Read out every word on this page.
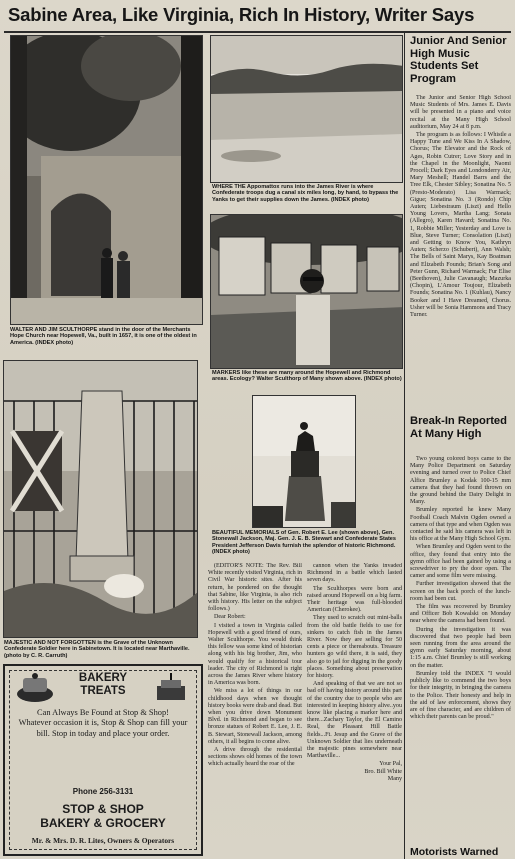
Sabine Area, Like Virginia, Rich In History, Writer Says
WALTER AND JIM SCULTHORPE stand in the door of the Merchants Hope Church near Hopewell, Va., built in 1657, it is one of the oldest in America. (INDEX photo)
WHERE THE Appomattox runs into the James River is where Confederate troops dug a canal six miles long, by hand, to bypass the Yanks to get their supplies down the James. (INDEX photo)
MARKERS like these are many around the Hopewell and Richmond areas. Ecology? Walter Sculthorp of Many shown above. (INDEX photo)
MAJESTIC AND NOT FORGOTTEN is the Grave of the Unknown Confederate Soldier here in Sabinetown. It is located near Marthaville. (photo by C. R. Carruth)
BEAUTIFUL MEMORIALS of Gen. Robert E. Lee (shown above), Gen. Stonewall Jackson, Maj. Gen. J. E. B. Stewart and Confederate States President Jefferson Davis furnish the splendor of historic Richmond. (INDEX photo)

(EDITOR'S NOTE: The Rev. Bill White recently visited Virginia, rich in Civil War historic sites. After his return, he pondered on the thought that Sabine, like Virginia, is also rich with history. His letter on the subject follows.)

Dear Robert:

I visited a town in Virginia called Hopewell with a good friend of ours, Walter Sculthorpe. You would think this fellow was some kind of historian along with his big brother, Jim, who would qualify for a historical tour leader. The city of Richmond is right across the James River where history in America was born.

We miss a lot of things in our childhood days when we thought history books were drab and dead. But when you drive down Monument Blvd. in Richmond and began to see bronze statues of Robert E. Lee, J. E. B. Stewart, Stonewall Jackson, among others, it all begins to come alive.

A drive through the residential sections shows old homes of the town which actually heard the roar of the

cannon when the Yanks invaded Richmond in a battle which lasted seven days.

The Sculthorpes were born and raised around Hopewell on a big farm. Their heritage was full-blooded American (Cherokee).

They used to scratch out mini-balls from the old battle fields to use for sinkers to catch fish in the James River. Now they are selling for 50 cents a piece or thereabouts. Treasure hunters go wild there, it is said, they also go to jail for digging in the goody places. Something about preservation for history.

And speaking of that we are not so bad off having history around this part of the country due to people who are interested in keeping history alive..you know like placing a marker here and there...Zachary Taylor, the El Camino Real, the Pleasant Hill Battle fields...Ft. Jesup and the Grave of the Unknown Soldier that lies underneath the majestic pines somewhere near Marthaville...

Your Pal,
Bro. Bill White
Many

Junior And Senior High Music Students Set Program

The Junior and Senior High School Music Students of Mrs. James E. Davis will be presented in a piano and voice recital at the Many High School auditorium, May 24 at 8 p.m.

The program is as follows: I Whistle a Happy Tune and We Kiss In A Shadow, Chorus; The Elevator and the Rock of Ages, Robin Cutrer; Love Story and in the Chapel in the Moonlight, Naomi Procell; Dark Eyes and Londonderry Air, Mary Meshell; Handel Barrs and the Tree Elk, Chester Sibley; Sonatina No. 5 (Presto-Moderato) Lisa Warmack; Gigue; Sonatina No. 3 (Rondo) Chip Auten; Liebestraum (Liszt) and Hello Young Lovers, Martha Lang; Sonata (Allegro), Karen Havard; Sonatina No. 1, Robbie Miller; Yesterday and Love is Blue, Steve Turner; Consolation (Liszt) and Getting to Know You, Kathryn Auten; Scherzo (Schubert), Ann Walsh; The Bells of Saint Marys, Kay Boatman and Elizabeth Founds; Brian's Song and Peter Gunn, Richard Warmack; Fur Elise (Beethoven), Julie Cavanaugh; Mazurka (Chopin), L'Amour Toujour, Elizabeth Founds; Sonatina No. 1 (Kuhlau), Nancy Booker and I Have Dreamed, Chorus. Usher will be Sonia Hammons and Tracy Turner.

Break-In Reported At Many High

Two young colored boys came to the Many Police Department on Saturday evening and turned over to Police Chief Alfice Brumley a Kodak 100-15 mm camera that they had found thrown on the ground behind the Dairy Delight in Many.

Brumley reported he knew Many Football Coach Malvin Ogden owned a camera of that type and when Ogden was contacted he said his camera was left in his office at the Many High School Gym.

When Brumley and Ogden went to the office, they found that entry into the gymn office had been gained by using a screwdriver to pry the door open. The camer and some film were missing.

Further investigation showed that the screen on the back porch of the lunch-room had been cut.

The film was recovered by Brumley and Officer Bob Kowalski on Monday near where the camera had been found.

During the investigation it was discovered that two people had been seen running from the area around the gymn early Saturday morning, about 1:15 a.m. Chief Brumley is still working on the matter.

Brumley told the INDEX "I would publicly like to commend the two boys for their integrity, in bringing the camera to the Police. Their honesty and help in the aid of law enforcement, shows they are of fine character, and are children of which their parents can be proud."

Motorists Warned
BAKERY
TREATS
Can Always Be Found at Stop & Shop!
Whatever occasion it is, Stop & Shop can fill your bill. Stop in today and place your order.
Phone 256-3131
STOP & SHOP
BAKERY & GROCERY
Mr. & Mrs. D. R. Lites, Owners & Operators
